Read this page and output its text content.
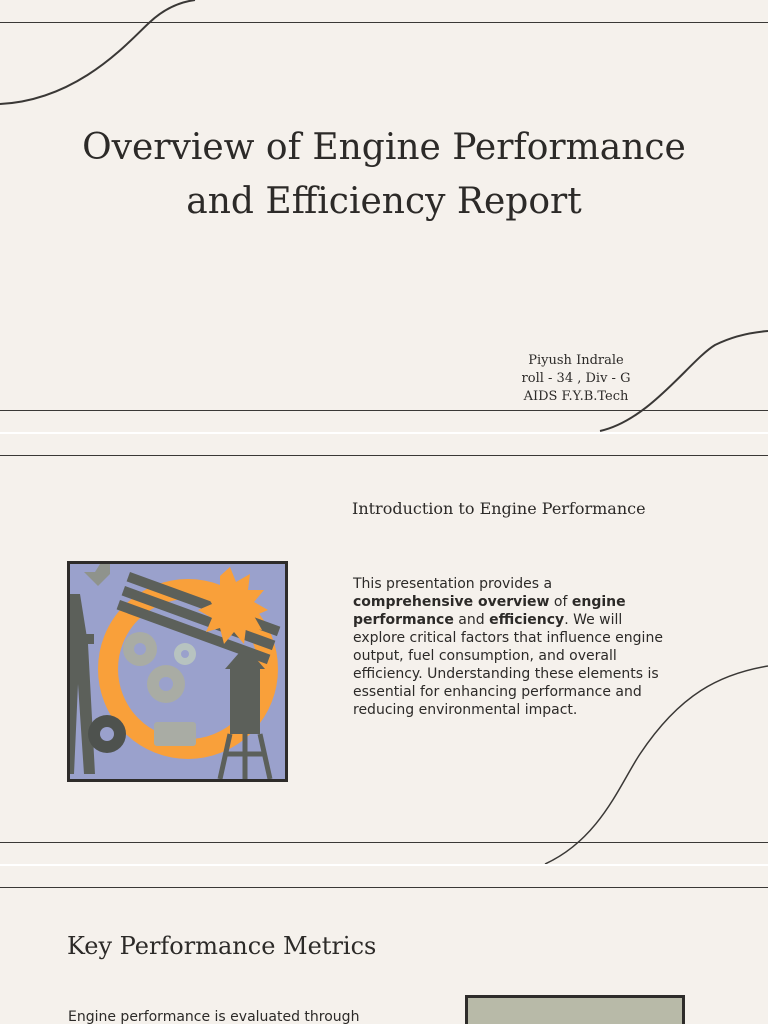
Overview of Engine Performance
and Efficiency Report
Piyush Indrale
roll - 34 , Div - G
AIDS F.Y.B.Tech
Introduction to Engine Performance
This presentation provides a comprehensive overview of engine performance and efficiency. We will explore critical factors that influence engine output, fuel consumption, and overall efficiency. Understanding these elements is essential for enhancing performance and reducing environmental impact.
Key Performance Metrics
Engine performance is evaluated through
